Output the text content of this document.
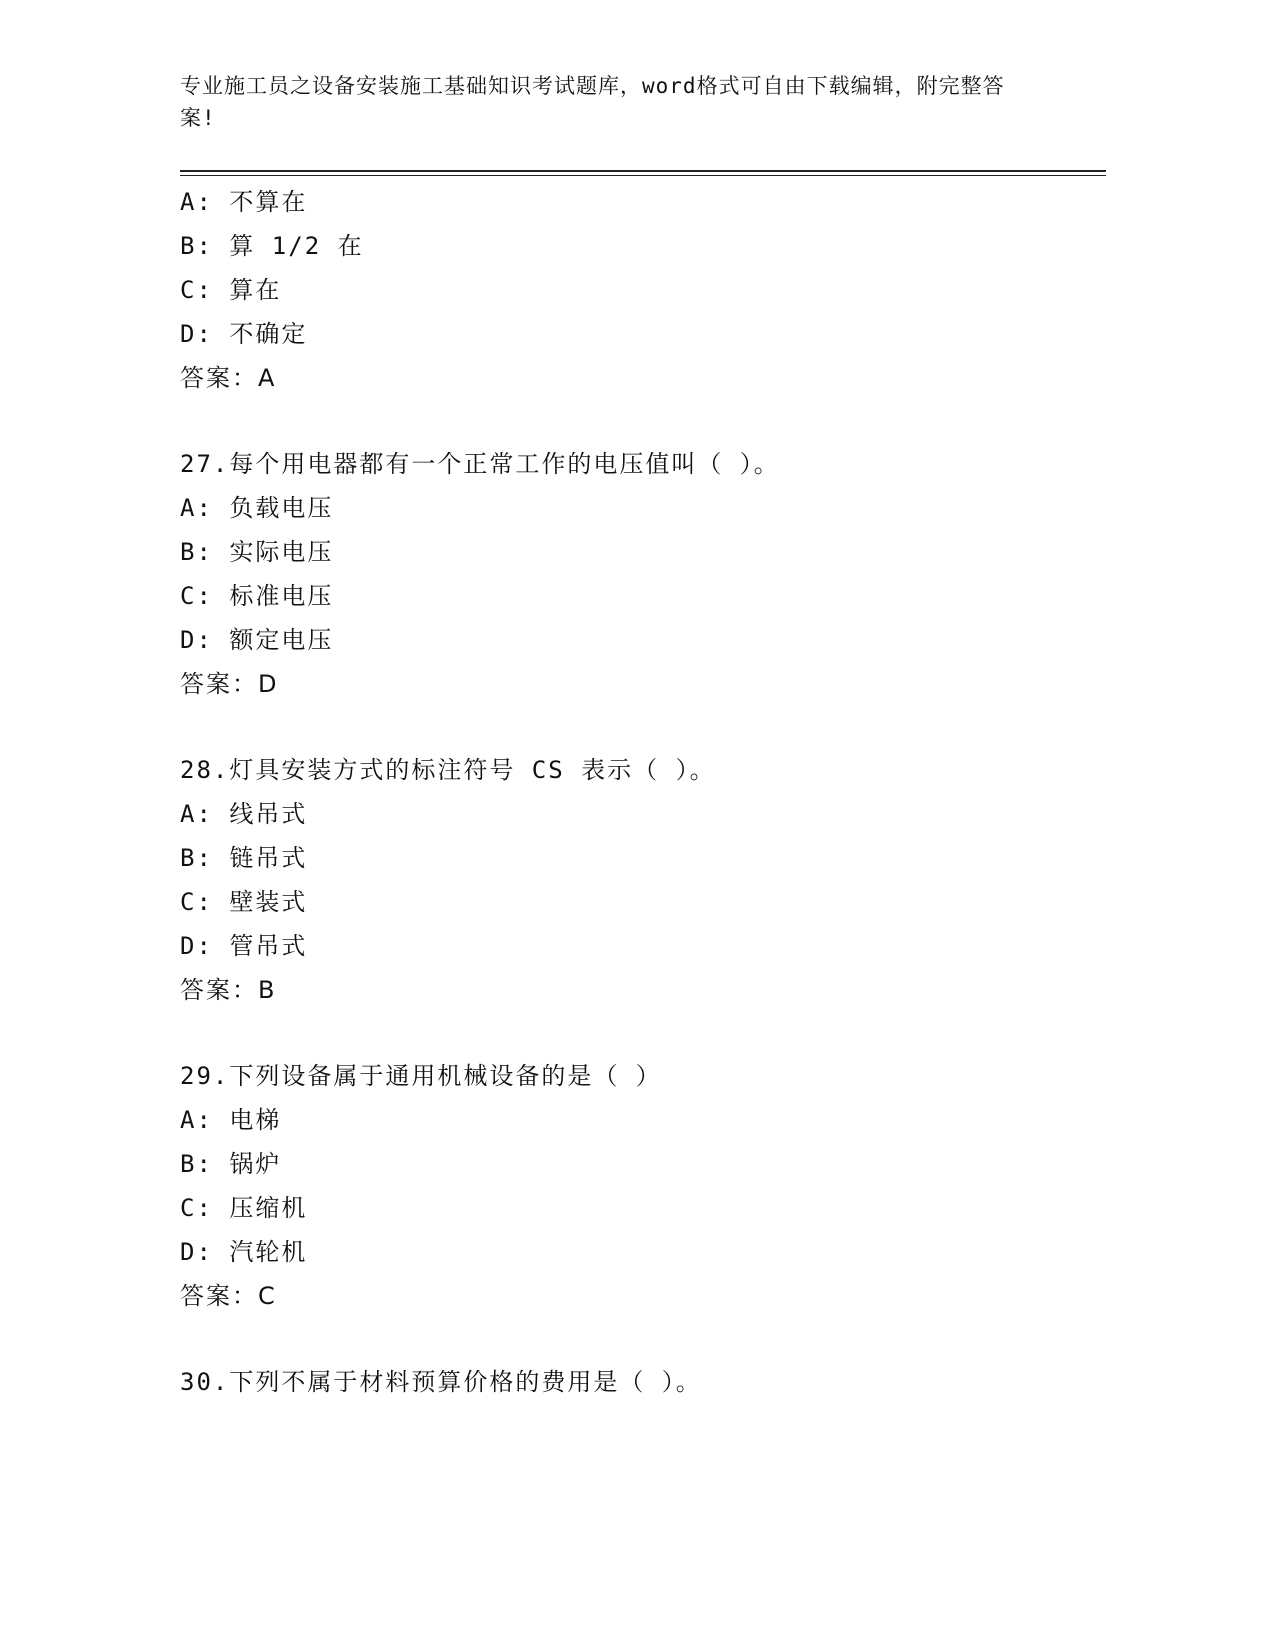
专业施工员之设备安装施工基础知识考试题库，word格式可自由下载编辑，附完整答案!
A: 不算在
B: 算 1/2 在
C: 算在
D: 不确定
答案：A
27.每个用电器都有一个正常工作的电压值叫（ ）。
A: 负载电压
B: 实际电压
C: 标准电压
D: 额定电压
答案：D
28.灯具安装方式的标注符号 CS 表示（ ）。
A: 线吊式
B: 链吊式
C: 壁装式
D: 管吊式
答案：B
29.下列设备属于通用机械设备的是（ ）
A: 电梯
B: 锅炉
C: 压缩机
D: 汽轮机
答案：C
30.下列不属于材料预算价格的费用是（ ）。
